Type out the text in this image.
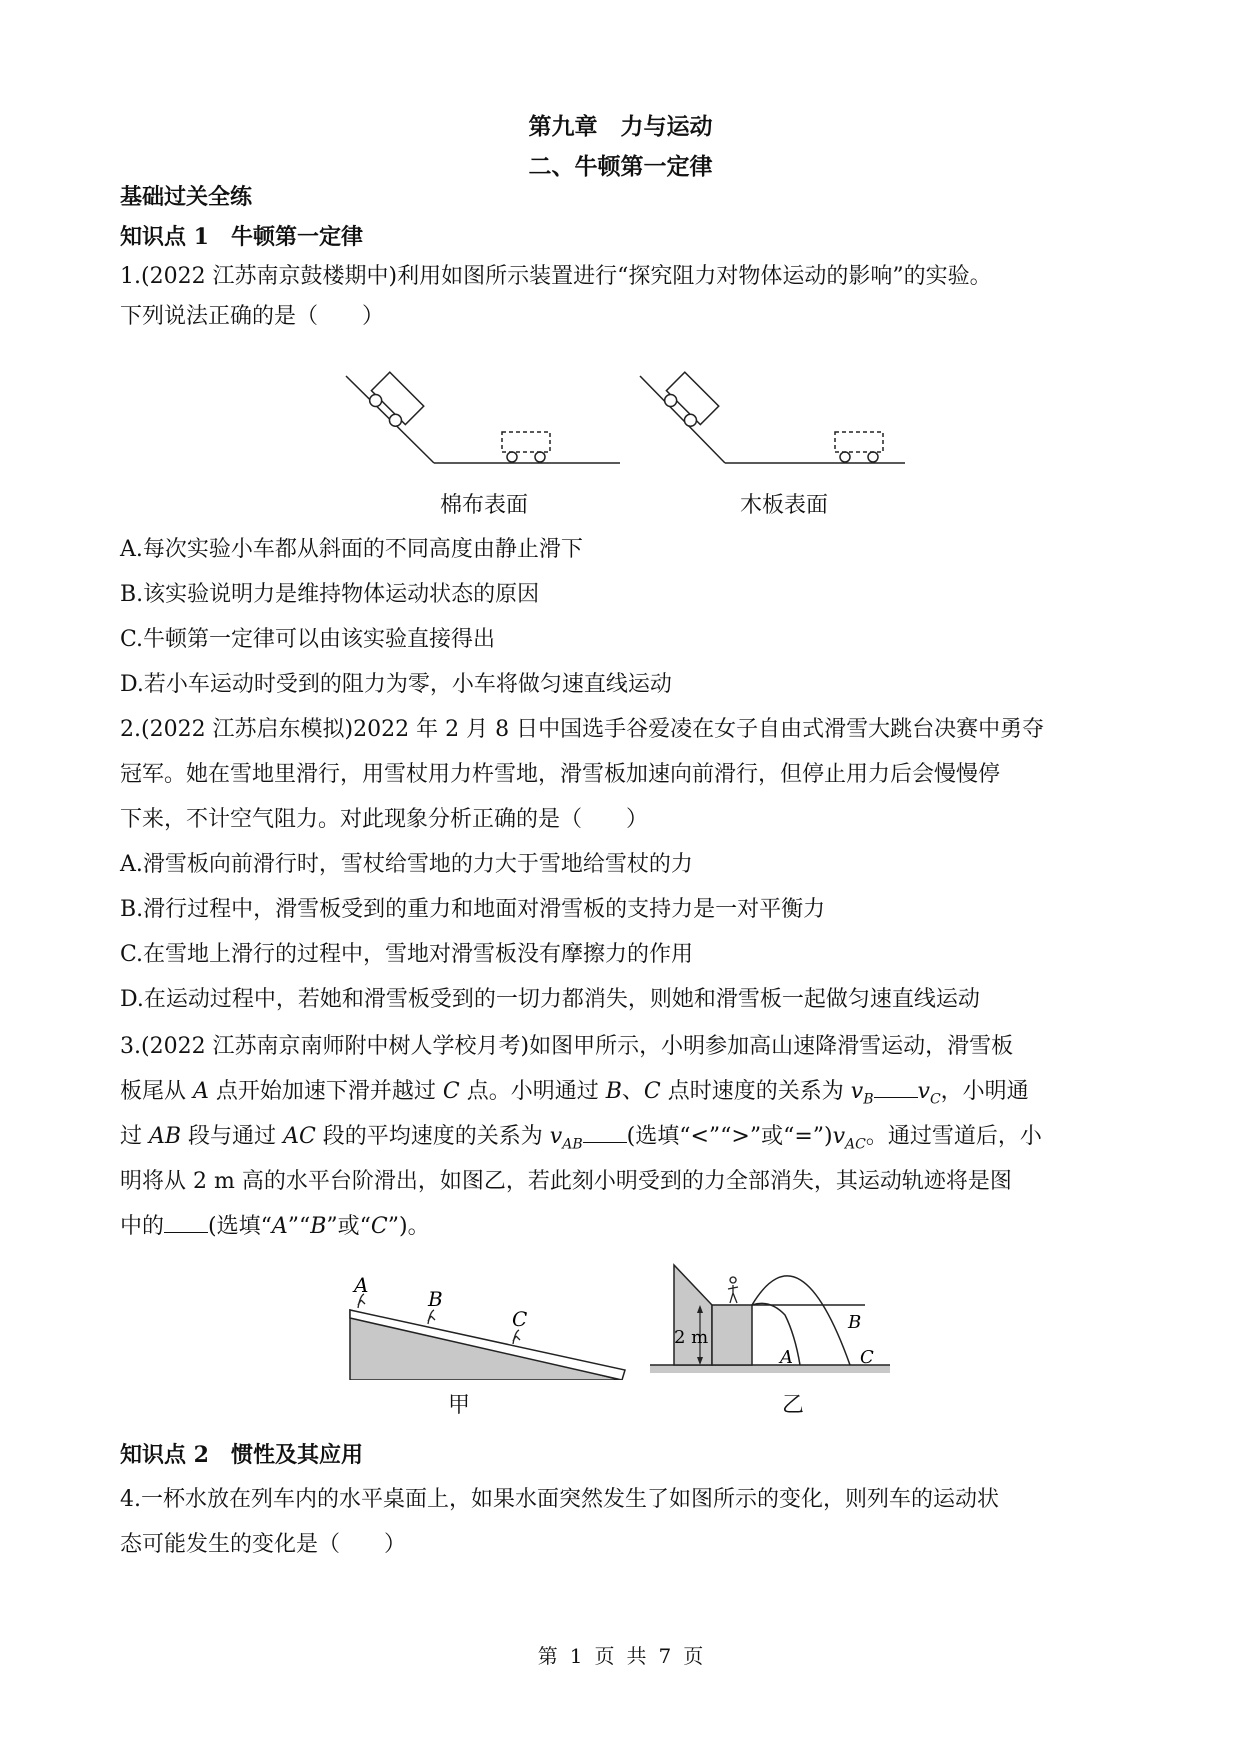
第九章　力与运动
二、牛顿第一定律
基础过关全练
知识点 1　牛顿第一定律
1.(2022 江苏南京鼓楼期中)利用如图所示装置进行“探究阻力对物体运动的影响”的实验。
下列说法正确的是（　　）
棉布表面	木板表面
A.每次实验小车都从斜面的不同高度由静止滑下
B.该实验说明力是维持物体运动状态的原因
C.牛顿第一定律可以由该实验直接得出
D.若小车运动时受到的阻力为零，小车将做匀速直线运动
2.(2022 江苏启东模拟)2022 年 2 月 8 日中国选手谷爱凌在女子自由式滑雪大跳台决赛中勇夺
冠军。她在雪地里滑行，用雪杖用力杵雪地，滑雪板加速向前滑行，但停止用力后会慢慢停
下来，不计空气阻力。对此现象分析正确的是（　　）
A.滑雪板向前滑行时，雪杖给雪地的力大于雪地给雪杖的力
B.滑行过程中，滑雪板受到的重力和地面对滑雪板的支持力是一对平衡力
C.在雪地上滑行的过程中，雪地对滑雪板没有摩擦力的作用
D.在运动过程中，若她和滑雪板受到的一切力都消失，则她和滑雪板一起做匀速直线运动
3.(2022 江苏南京南师附中树人学校月考)如图甲所示，小明参加高山速降滑雪运动，滑雪板
板尾从 A 点开始加速下滑并越过 C 点。小明通过 B、C 点时速度的关系为 $v_B$ $v_C$，小明通
过 AB 段与通过 AC 段的平均速度的关系为 $v_{AB}$ (选填“<”“>”或“$=”)v_{AC}$。通过雪道后，小
明将从 2 m 高的水平台阶滑出，如图乙，若此刻小明受到的力全部消失，其运动轨迹将是图
中的 (选填“A”“B”或“C”)。
A
B
C
甲
2 m
B
A	C
乙
知识点 2　惯性及其应用
4.一杯水放在列车内的水平桌面上，如果水面突然发生了如图所示的变化，则列车的运动状
态可能发生的变化是（　　）
第 1 页 共 7 页
